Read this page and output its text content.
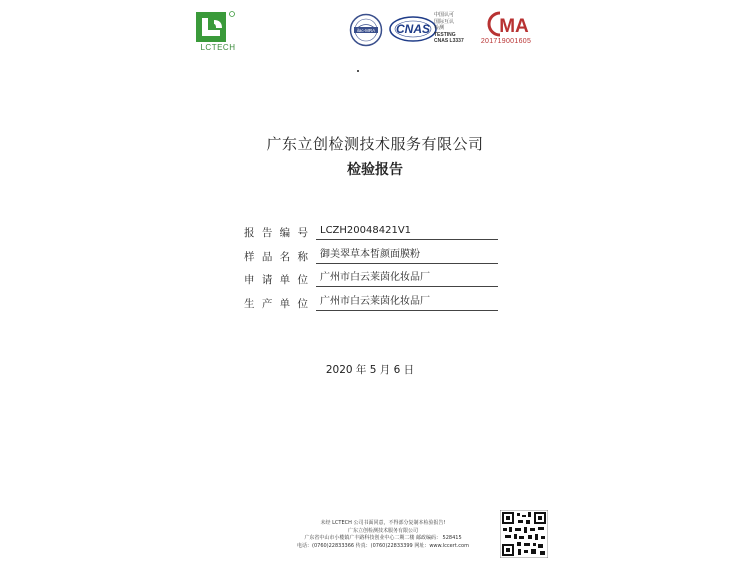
LCTECH
ilac-MRA CNAS
中国认可
国际互认
检测
TESTING
CNAS L3337
MA
201719001605
广东立创检测技术服务有限公司
检验报告
报 告 编 号	LCZH20048421V1
样 品 名 称	御美翠草本皙颜面膜粉
申 请 单 位	广州市白云莱茵化妆品厂
生 产 单 位	广州市白云莱茵化妆品厂
2020 年 5 月 6 日
未经 LCTECH 公司书面同意，不得部分复制本检验报告!
广东立创检测技术服务有限公司
广东省中山市小榄镇广丰路科技创业中心二期二楼 邮政编码： 528415
电话：(0760)22833366 传真：(0760)22833399 网址：www.lccert.com
